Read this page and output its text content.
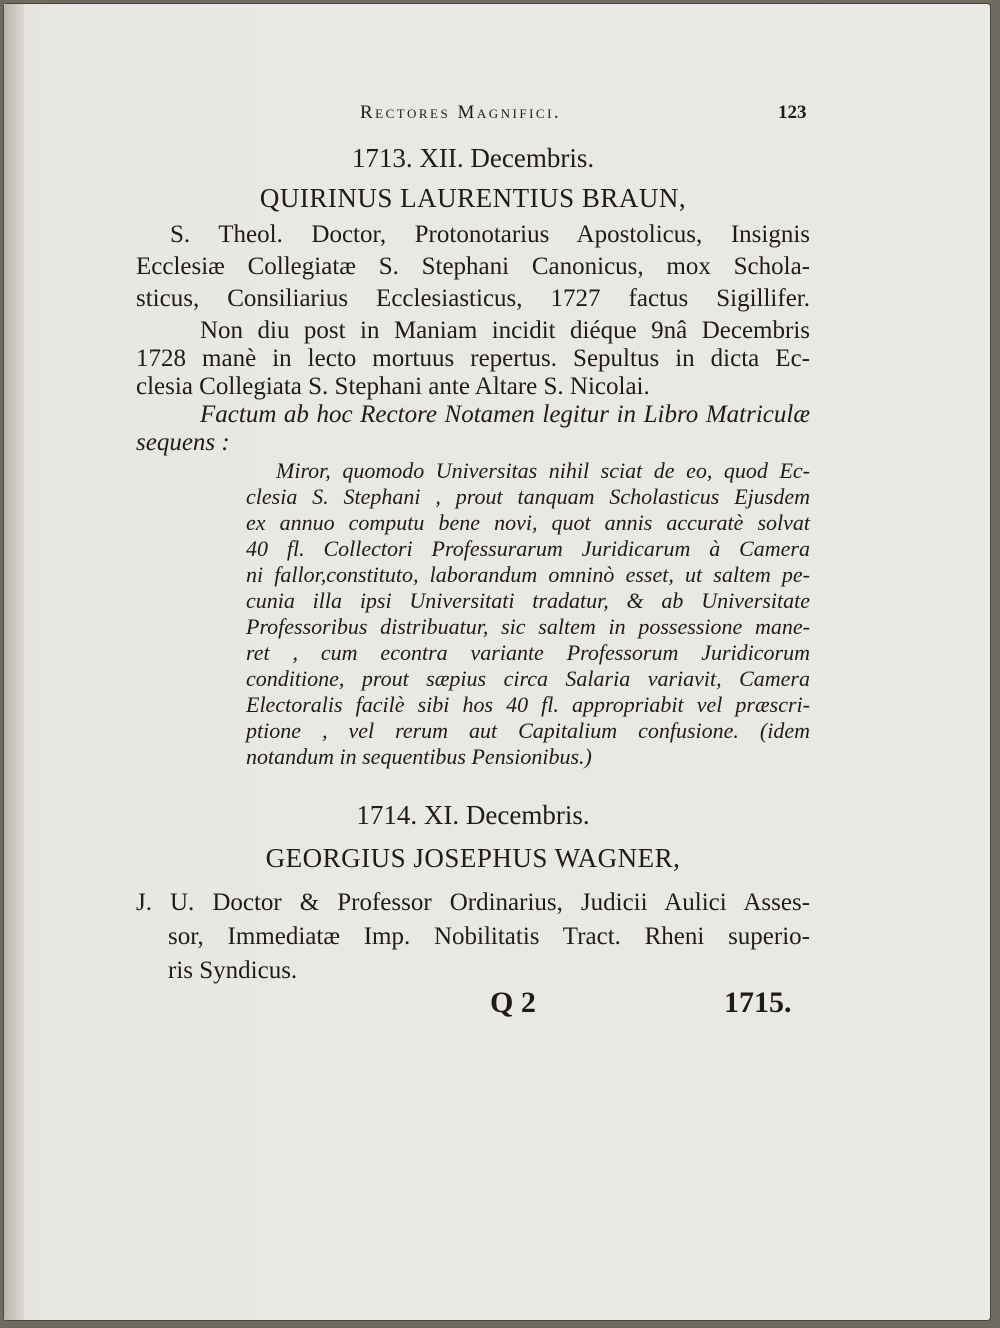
Rectores Magnifici.	123
1713. XII. Decembris.
QUIRINUS LAURENTIUS BRAUN,
S. Theol. Doctor, Protonotarius Apostolicus, Insignis
Ecclesiæ Collegiatæ S. Stephani Canonicus, mox Schola-
sticus, Consiliarius Ecclesiasticus, 1727 factus Sigillifer.
Non diu post in Maniam incidit diéque 9nâ Decembris
1728 manè in lecto mortuus repertus. Sepultus in dicta Ec-
clesia Collegiata S. Stephani ante Altare S. Nicolai.
Factum ab hoc Rectore Notamen legitur in Libro Matriculæ
sequens :
Miror, quomodo Universitas nihil sciat de eo, quod Ec-
clesia S. Stephani , prout tanquam Scholasticus Ejusdem
ex annuo computu bene novi, quot annis accuratè solvat
40 fl. Collectori Professurarum Juridicarum à Camera
ni fallor,constituto, laborandum omninò esset, ut saltem pe-
cunia illa ipsi Universitati tradatur, & ab Universitate
Professoribus distribuatur, sic saltem in possessione mane-
ret , cum econtra variante Professorum Juridicorum
conditione, prout sæpius circa Salaria variavit, Camera
Electoralis facilè sibi hos 40 fl. appropriabit vel præscri-
ptione , vel rerum aut Capitalium confusione. (idem
notandum in sequentibus Pensionibus.)
1714. XI. Decembris.
GEORGIUS JOSEPHUS WAGNER,
J. U. Doctor & Professor Ordinarius, Judicii Aulici Asses-
sor, Immediatæ Imp. Nobilitatis Tract. Rheni superio-
ris Syndicus.
Q 2	1715.
